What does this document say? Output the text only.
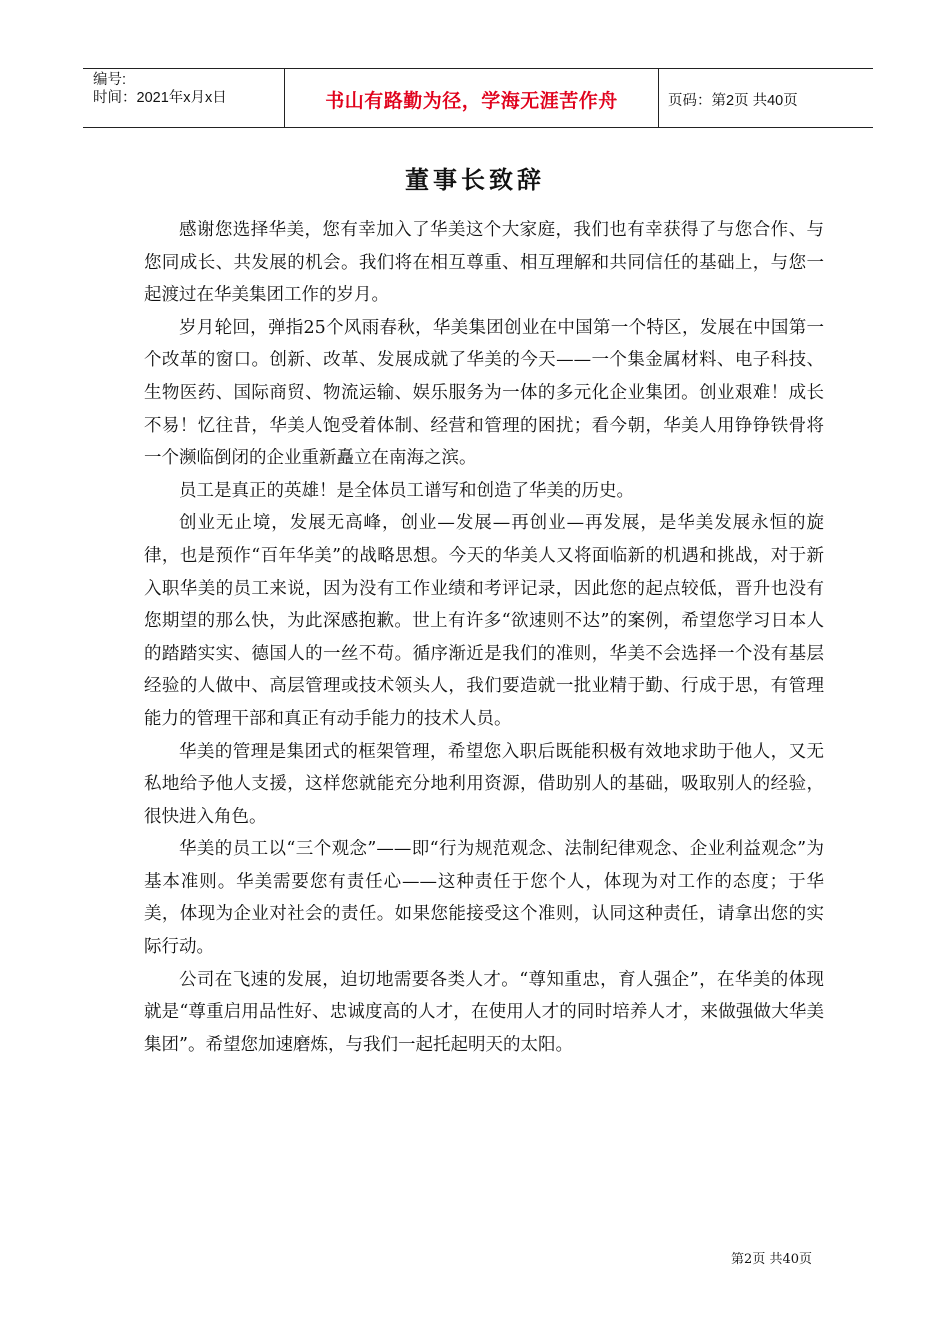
编号:
时间：2021年x月x日	书山有路勤为径，学海无涯苦作舟	页码：第2页 共40页
董事长致辞

感谢您选择华美，您有幸加入了华美这个大家庭，我们也有幸获得了与您合作、与您同成长、共发展的机会。我们将在相互尊重、相互理解和共同信任的基础上，与您一起渡过在华美集团工作的岁月。

岁月轮回，弹指25个风雨春秋，华美集团创业在中国第一个特区，发展在中国第一个改革的窗口。创新、改革、发展成就了华美的今天——一个集金属材料、电子科技、生物医药、国际商贸、物流运输、娱乐服务为一体的多元化企业集团。创业艰难！成长不易！忆往昔，华美人饱受着体制、经营和管理的困扰；看今朝，华美人用铮铮铁骨将一个濒临倒闭的企业重新矗立在南海之滨。

员工是真正的英雄！是全体员工谱写和创造了华美的历史。

创业无止境，发展无高峰，创业—发展—再创业—再发展，是华美发展永恒的旋律，也是预作“百年华美”的战略思想。今天的华美人又将面临新的机遇和挑战，对于新入职华美的员工来说，因为没有工作业绩和考评记录，因此您的起点较低，晋升也没有您期望的那么快，为此深感抱歉。世上有许多“欲速则不达”的案例，希望您学习日本人的踏踏实实、德国人的一丝不苟。循序渐近是我们的准则，华美不会选择一个没有基层经验的人做中、高层管理或技术领头人，我们要造就一批业精于勤、行成于思，有管理能力的管理干部和真正有动手能力的技术人员。

华美的管理是集团式的框架管理，希望您入职后既能积极有效地求助于他人，又无私地给予他人支援，这样您就能充分地利用资源，借助别人的基础，吸取别人的经验，很快进入角色。

华美的员工以“三个观念”——即“行为规范观念、法制纪律观念、企业利益观念”为基本准则。华美需要您有责任心——这种责任于您个人，体现为对工作的态度；于华美，体现为企业对社会的责任。如果您能接受这个准则，认同这种责任，请拿出您的实际行动。

公司在飞速的发展，迫切地需要各类人才。“尊知重忠，育人强企”，在华美的体现就是“尊重启用品性好、忠诚度高的人才，在使用人才的同时培养人才，来做强做大华美集团”。希望您加速磨炼，与我们一起托起明天的太阳。

第2页 共40页
